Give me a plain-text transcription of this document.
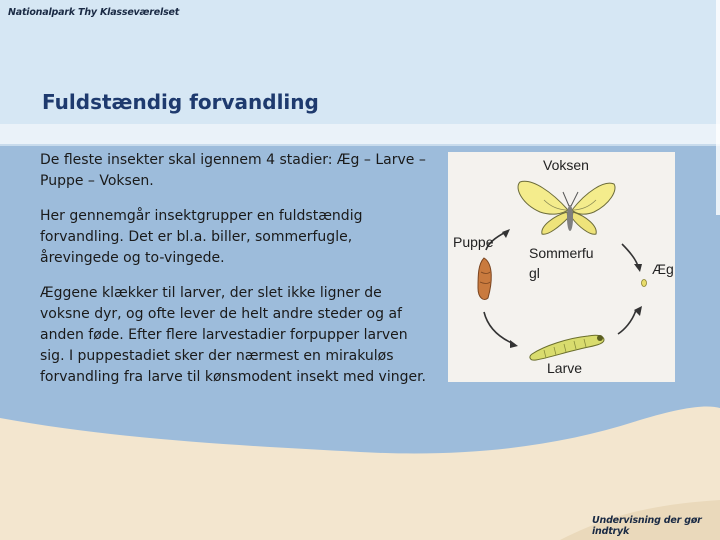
Nationalpark Thy Klasseværelset
Fuldstændig forvandling

De fleste insekter skal igennem 4 stadier: Æg – Larve – Puppe – Voksen.

Her gennemgår insektgrupper en fuldstændig forvandling. Det er bl.a. biller, sommerfugle, årevingede og to-vingede.

Æggene klækker til larver, der slet ikke ligner de voksne dyr, og ofte lever de helt andre steder og af anden føde. Efter flere larvestadier forpupper larven sig. I puppestadiet sker der nærmest en mirakuløs forvandling fra larve til kønsmodent insekt med vinger.

Voksen
Sommerfu
gl
Larve
Puppe
Æg
Undervisning der gør indtryk
